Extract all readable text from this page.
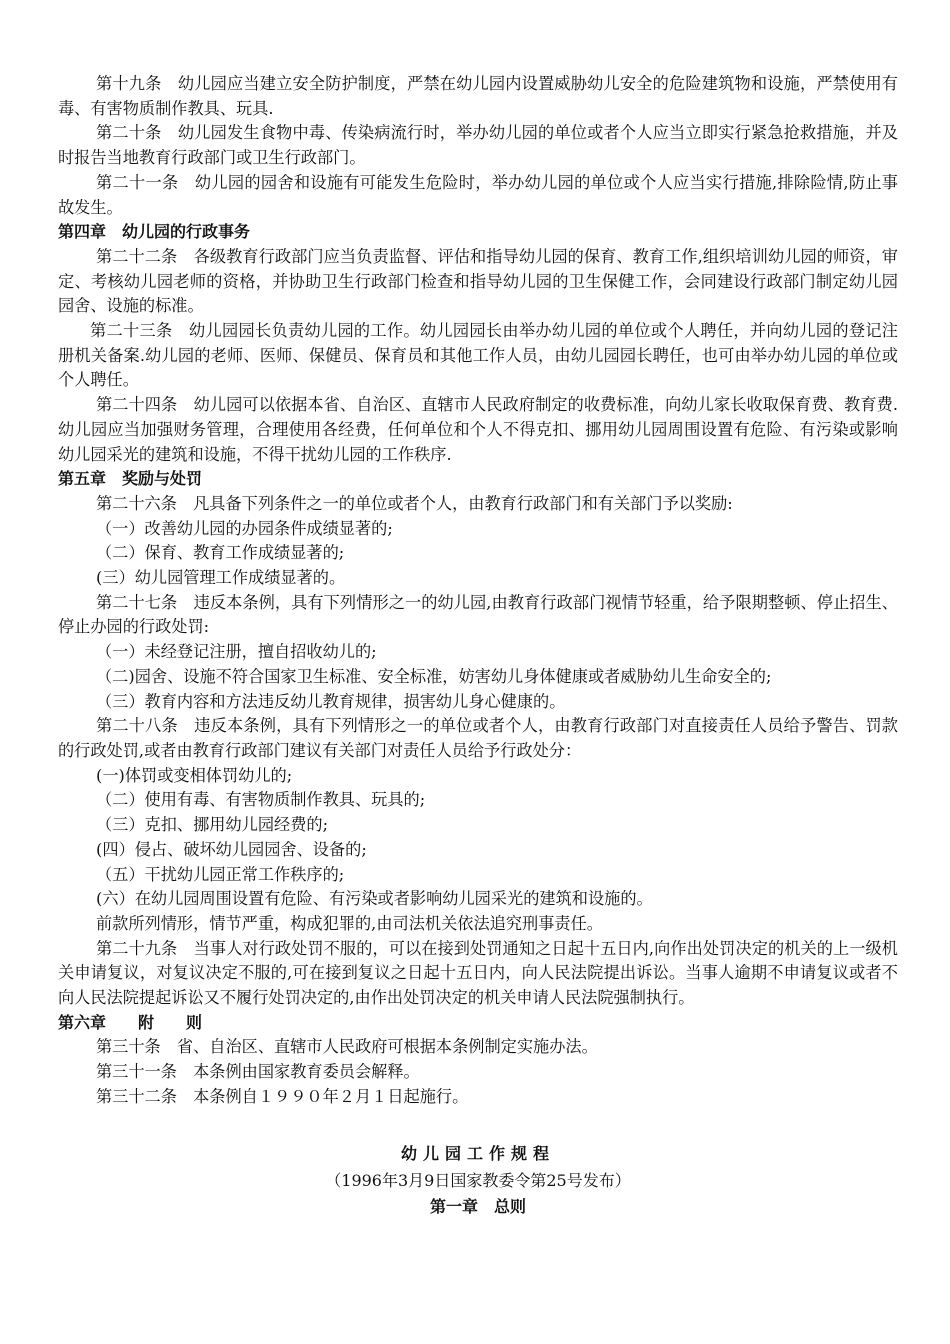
第十九条　幼儿园应当建立安全防护制度，严禁在幼儿园内设置威胁幼儿安全的危险建筑物和设施，严禁使用有毒、有害物质制作教具、玩具.

第二十条　幼儿园发生食物中毒、传染病流行时，举办幼儿园的单位或者个人应当立即实行紧急抢救措施，并及时报告当地教育行政部门或卫生行政部门。

第二十一条　幼儿园的园舍和设施有可能发生危险时，举办幼儿园的单位或个人应当实行措施,排除险情,防止事故发生。

第四章　幼儿园的行政事务

第二十二条　各级教育行政部门应当负责监督、评估和指导幼儿园的保育、教育工作,组织培训幼儿园的师资，审定、考核幼儿园老师的资格，并协助卫生行政部门检查和指导幼儿园的卫生保健工作，会同建设行政部门制定幼儿园园舍、设施的标准。

第二十三条　幼儿园园长负责幼儿园的工作。幼儿园园长由举办幼儿园的单位或个人聘任，并向幼儿园的登记注册机关备案.幼儿园的老师、医师、保健员、保育员和其他工作人员，由幼儿园园长聘任，也可由举办幼儿园的单位或个人聘任。

第二十四条　幼儿园可以依据本省、自治区、直辖市人民政府制定的收费标准，向幼儿家长收取保育费、教育费.幼儿园应当加强财务管理，合理使用各经费，任何单位和个人不得克扣、挪用幼儿园周围设置有危险、有污染或影响幼儿园采光的建筑和设施，不得干扰幼儿园的工作秩序.

第五章　奖励与处罚

第二十六条　凡具备下列条件之一的单位或者个人，由教育行政部门和有关部门予以奖励:

（一）改善幼儿园的办园条件成绩显著的;

（二）保育、教育工作成绩显著的;

(三）幼儿园管理工作成绩显著的。

第二十七条　违反本条例，具有下列情形之一的幼儿园,由教育行政部门视情节轻重，给予限期整顿、停止招生、停止办园的行政处罚:

（一）未经登记注册，擅自招收幼儿的;

（二)园舍、设施不符合国家卫生标准、安全标准，妨害幼儿身体健康或者威胁幼儿生命安全的;

（三）教育内容和方法违反幼儿教育规律，损害幼儿身心健康的。

第二十八条　违反本条例，具有下列情形之一的单位或者个人，由教育行政部门对直接责任人员给予警告、罚款的行政处罚,或者由教育行政部门建议有关部门对责任人员给予行政处分：

(一)体罚或变相体罚幼儿的;

（二）使用有毒、有害物质制作教具、玩具的;

（三）克扣、挪用幼儿园经费的;

(四）侵占、破坏幼儿园园舍、设备的;

（五）干扰幼儿园正常工作秩序的;

(六）在幼儿园周围设置有危险、有污染或者影响幼儿园采光的建筑和设施的。

前款所列情形，情节严重，构成犯罪的,由司法机关依法追究刑事责任。

第二十九条　当事人对行政处罚不服的，可以在接到处罚通知之日起十五日内,向作出处罚决定的机关的上一级机关申请复议，对复议决定不服的,可在接到复议之日起十五日内，向人民法院提出诉讼。当事人逾期不申请复议或者不向人民法院提起诉讼又不履行处罚决定的,由作出处罚决定的机关申请人民法院强制执行。

第六章　　附　　则

第三十条　省、自治区、直辖市人民政府可根据本条例制定实施办法。

第三十一条　本条例由国家教育委员会解释。

第三十二条　本条例自１９９０年２月１日起施行。

幼儿园工作规程

（1996年3月9日国家教委令第25号发布）

第一章　总则
